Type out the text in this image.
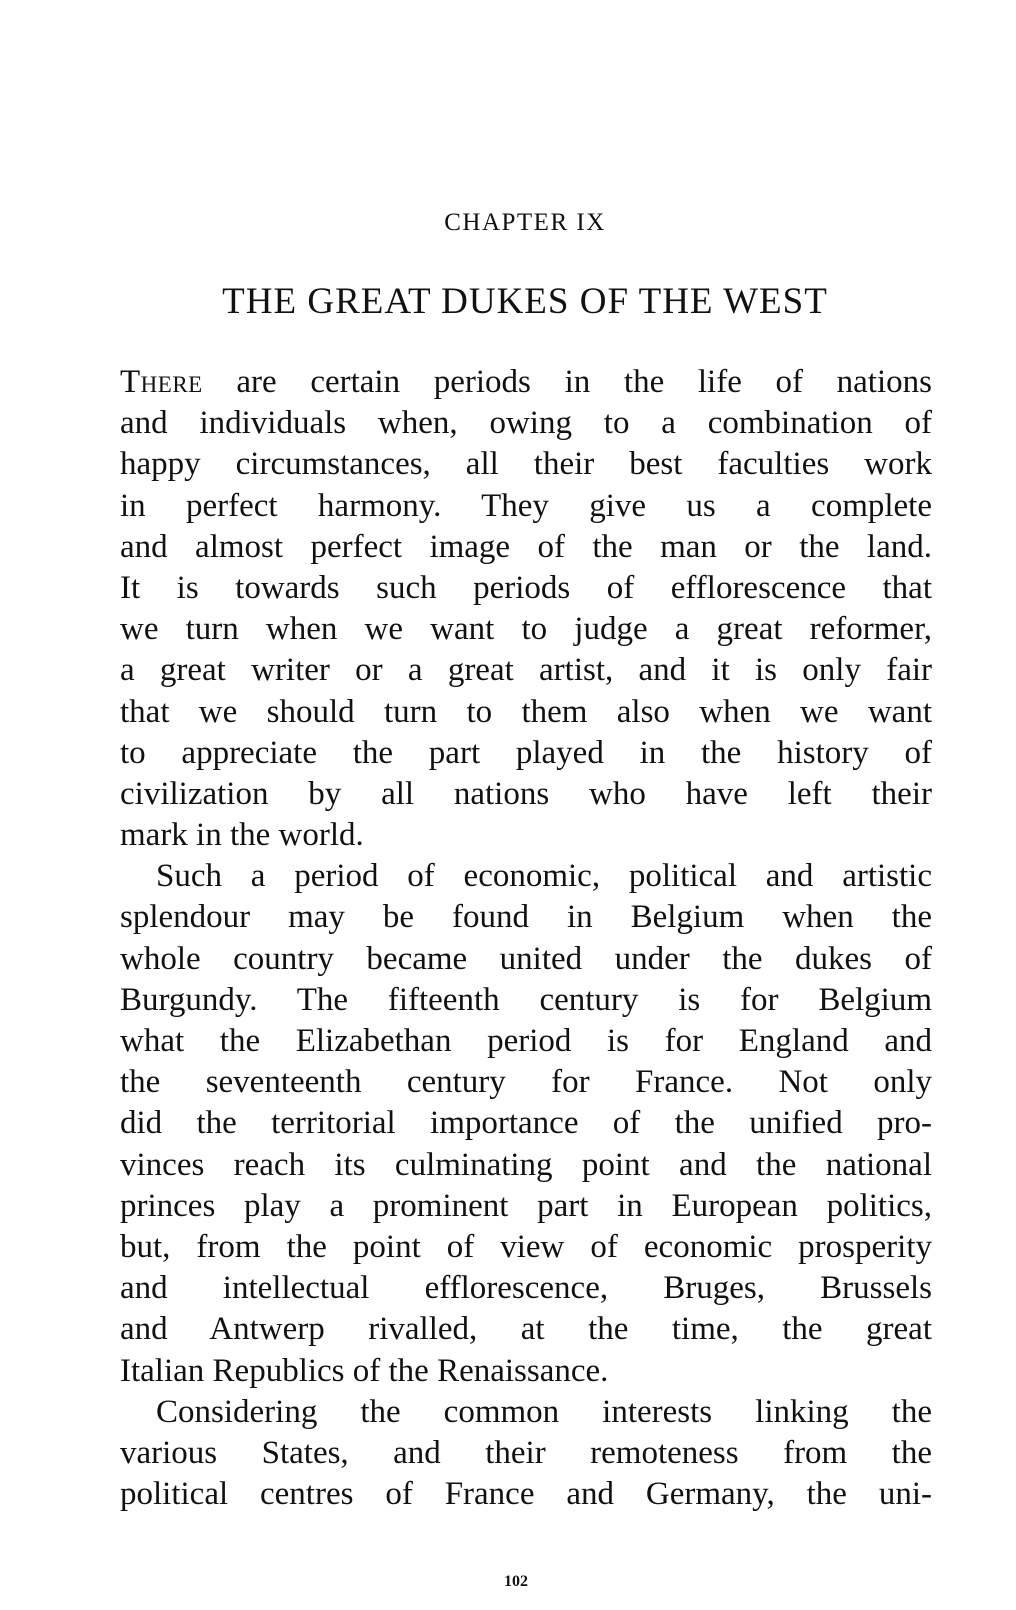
CHAPTER IX
THE GREAT DUKES OF THE WEST
There are certain periods in the life of nations
and individuals when, owing to a combination of
happy circumstances, all their best faculties work
in perfect harmony. They give us a complete
and almost perfect image of the man or the land.
It is towards such periods of efflorescence that
we turn when we want to judge a great reformer,
a great writer or a great artist, and it is only fair
that we should turn to them also when we want
to appreciate the part played in the history of
civilization by all nations who have left their
mark in the world.
Such a period of economic, political and artistic
splendour may be found in Belgium when the
whole country became united under the dukes of
Burgundy. The fifteenth century is for Belgium
what the Elizabethan period is for England and
the seventeenth century for France. Not only
did the territorial importance of the unified pro-
vinces reach its culminating point and the national
princes play a prominent part in European politics,
but, from the point of view of economic prosperity
and intellectual efflorescence, Bruges, Brussels
and Antwerp rivalled, at the time, the great
Italian Republics of the Renaissance.
Considering the common interests linking the
various States, and their remoteness from the
political centres of France and Germany, the uni-
102
